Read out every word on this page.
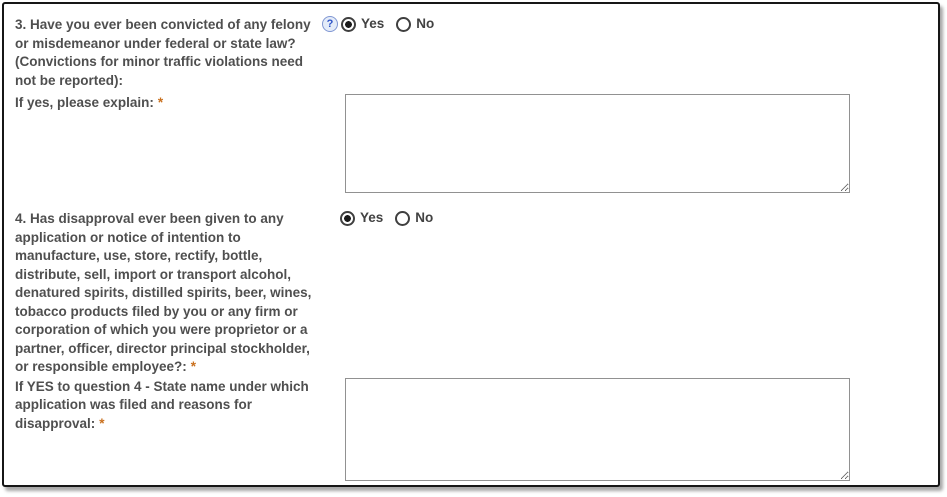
3. Have you ever been convicted of any felony or misdemeanor under federal or state law? (Convictions for minor traffic violations need not be reported):
?	Yes No
If yes, please explain: *
4. Has disapproval ever been given to any application or notice of intention to manufacture, use, store, rectify, bottle, distribute, sell, import or transport alcohol, denatured spirits, distilled spirits, beer, wines, tobacco products filed by you or any firm or corporation of which you were proprietor or a partner, officer, director principal stockholder, or responsible employee?: *
Yes No
If YES to question 4 - State name under which application was filed and reasons for disapproval: *
